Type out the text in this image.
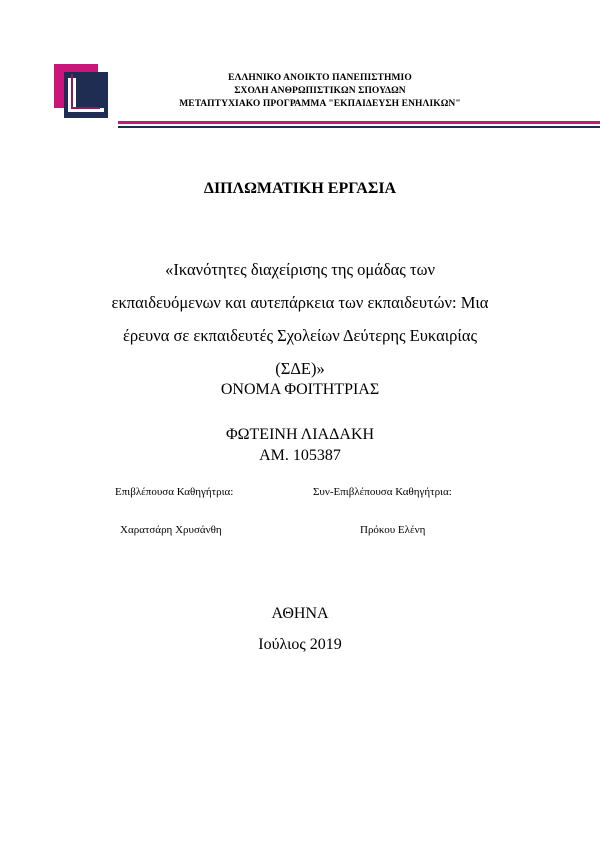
ΕΛΛΗΝΙΚΟ ΑΝΟΙΚΤΟ ΠΑΝΕΠΙΣΤΗΜΙΟ
ΣΧΟΛΗ ΑΝΘΡΩΠΙΣΤΙΚΩΝ ΣΠΟΥΔΩΝ
ΜΕΤΑΠΤΥΧΙΑΚΟ ΠΡΟΓΡΑΜΜΑ "ΕΚΠΑΙΔΕΥΣΗ ΕΝΗΛΙΚΩΝ"
ΔΙΠΛΩΜΑΤΙΚΗ ΕΡΓΑΣΙΑ
«Ικανότητες διαχείρισης της ομάδας των
εκπαιδευόμενων και αυτεπάρκεια των εκπαιδευτών: Μια
έρευνα σε εκπαιδευτές Σχολείων Δεύτερης Ευκαιρίας
(ΣΔΕ)»
ΟΝΟΜΑ ΦΟΙΤΗΤΡΙΑΣ
ΦΩΤΕΙΝΗ ΛΙΑΔΑΚΗ
ΑΜ. 105387
Επιβλέπουσα Καθηγήτρια:	Συν-Επιβλέπουσα Καθηγήτρια:
Χαρατσάρη Χρυσάνθη	Πρόκου Ελένη
ΑΘΗΝΑ
Ιούλιος 2019
